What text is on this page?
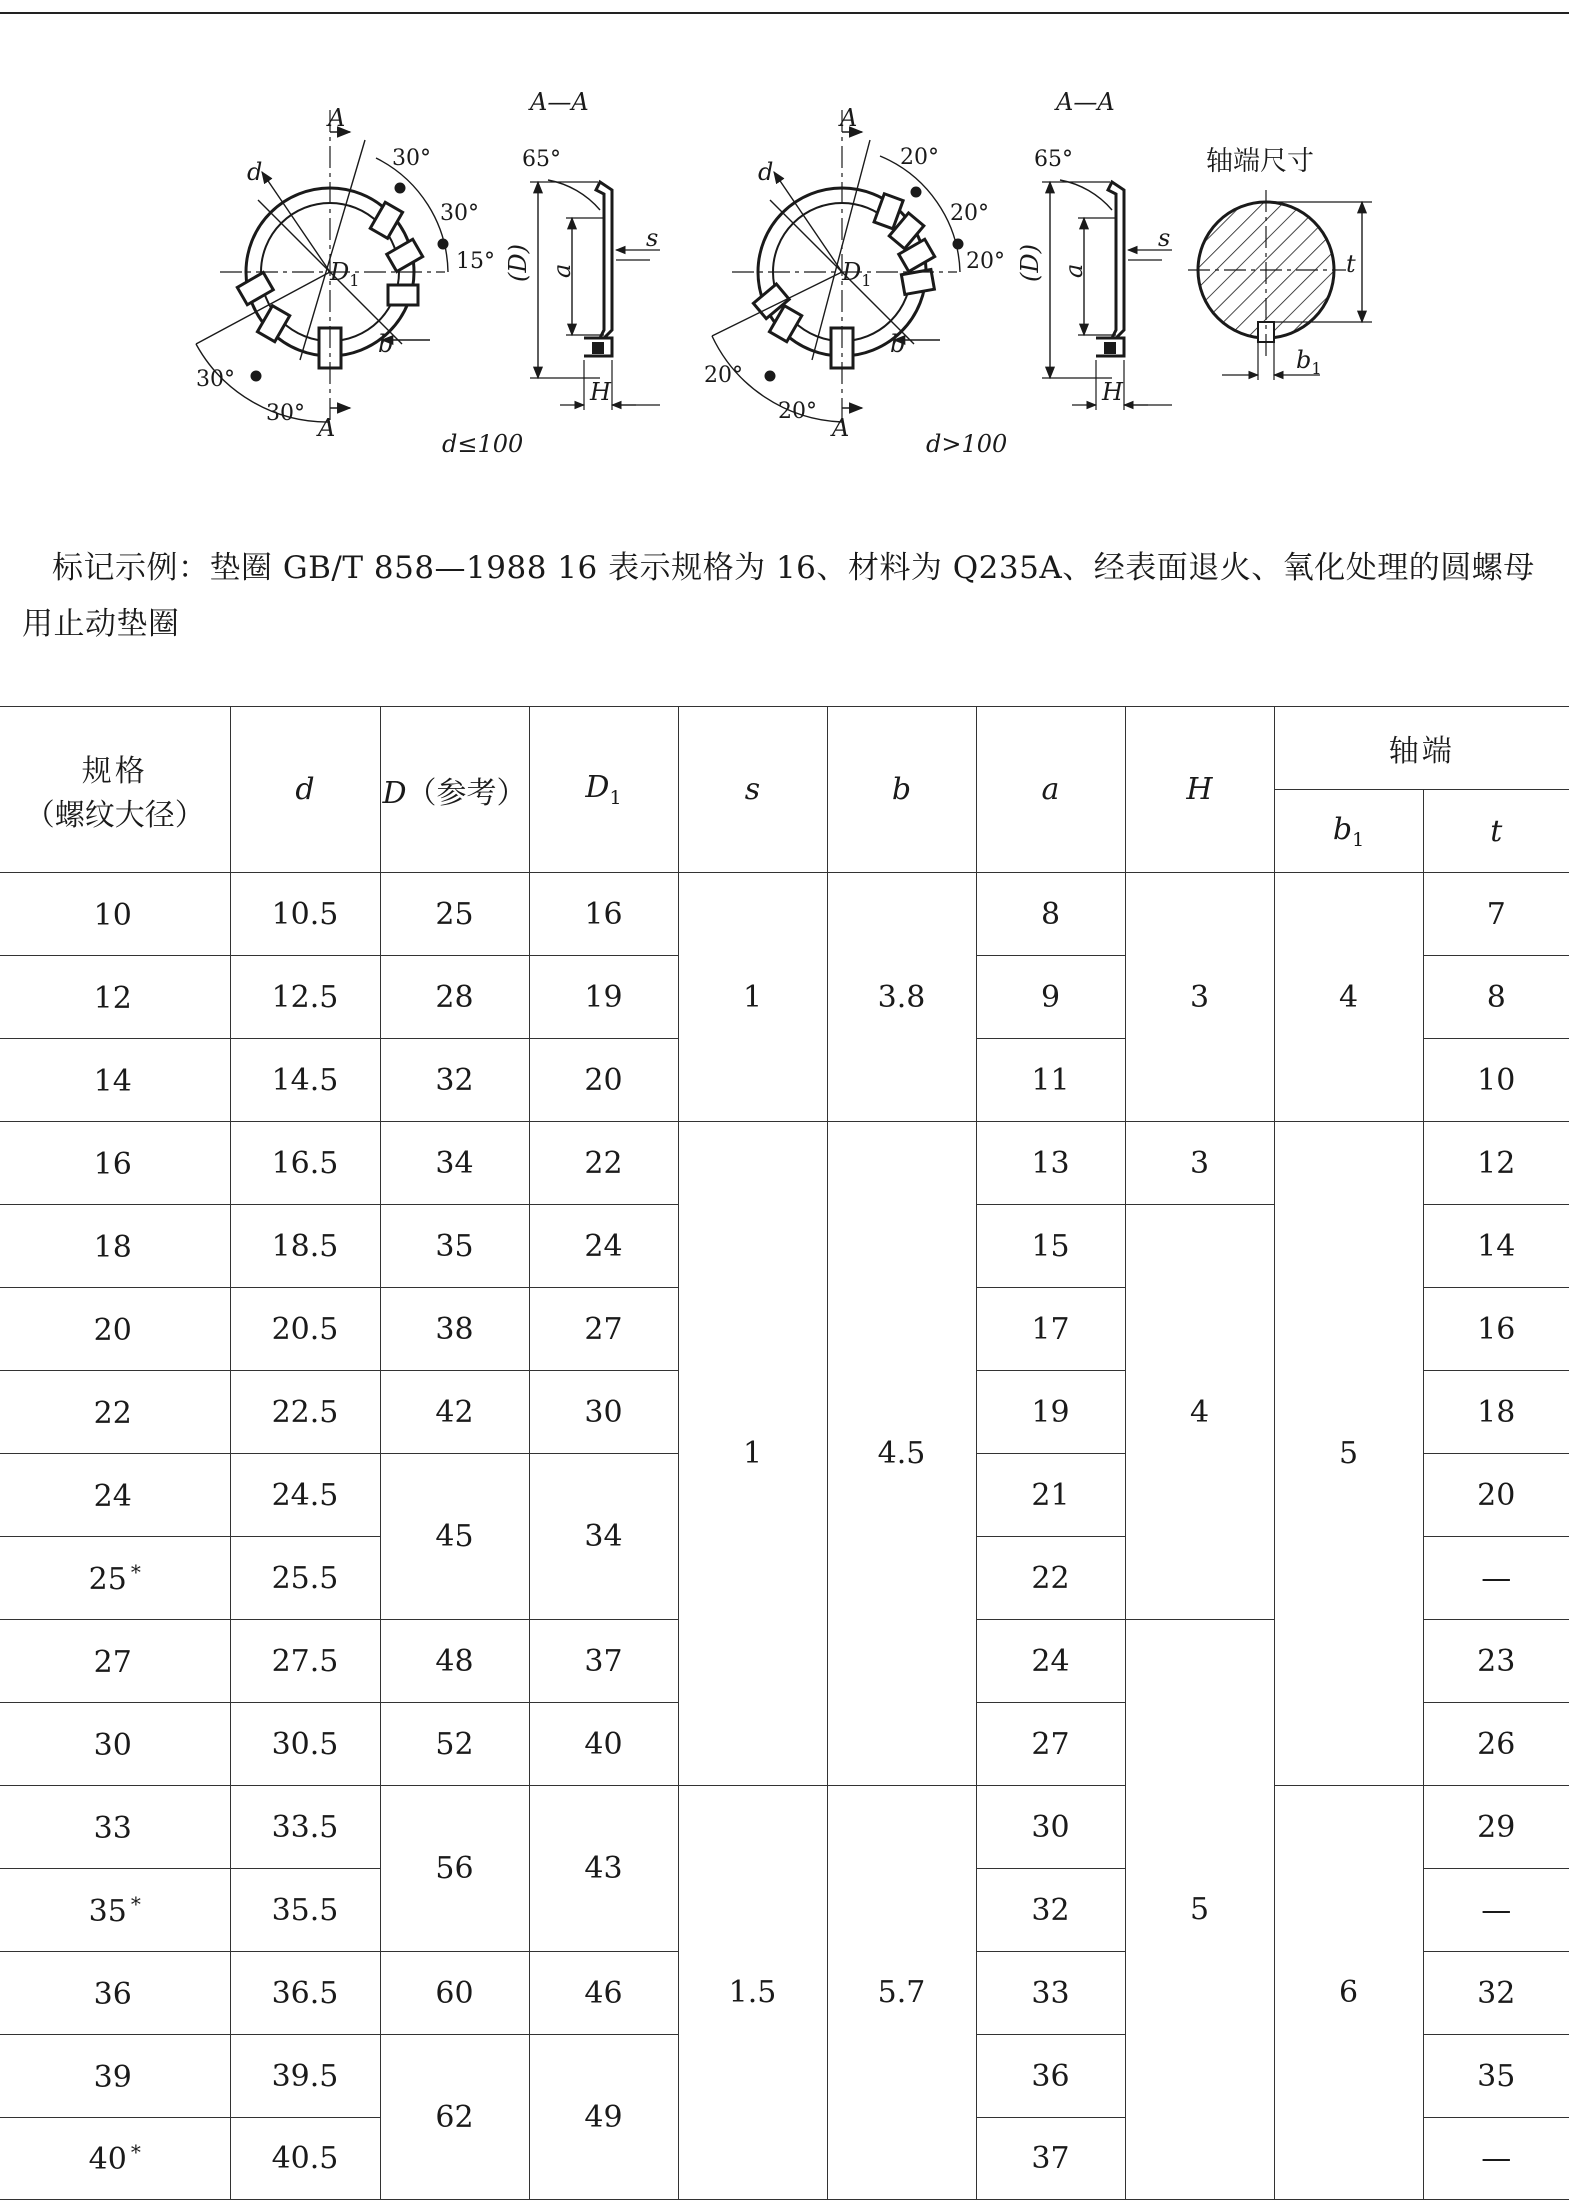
d
A
A
$D_1$
b
30°
30°
15°
30°
30°
A—A
65°
(D) a
s
H
d≤100
d
A
A
$D_1$
b
20°
20°
20°
20°
20°
A—A
65°
(D) a
s
H
d>100
轴端尺寸
t
$b_1$
标记示例：垫圈 GB/T 858—1988 16 表示规格为 16、材料为 Q235A、经表面退火、氧化处理的圆螺母用止动垫圈
规格
（螺纹大径）	d	D（参考）	$D_1$	s	b	a	H	轴端	
								$b_1$	t
10	10.5	25	16	1	3.8	8	3	4	7
12	12.5	28	19			9			8
14	14.5	32	20			11			10
16	16.5	34	22	1	4.5	13	3	5	12
18	18.5	35	24			15	4		14
20	20.5	38	27			17			16
22	22.5	42	30			19			18
24	24.5	45	34			21			20
25 *	25.5					22			—
27	27.5	48	37			24	5		23
30	30.5	52	40			27			26
33	33.5	56	43	1.5	5.7	30		6	29
35 *	35.5					32			—
36	36.5	60	46			33			32
39	39.5	62	49			36			35
40 *	40.5					37			—
